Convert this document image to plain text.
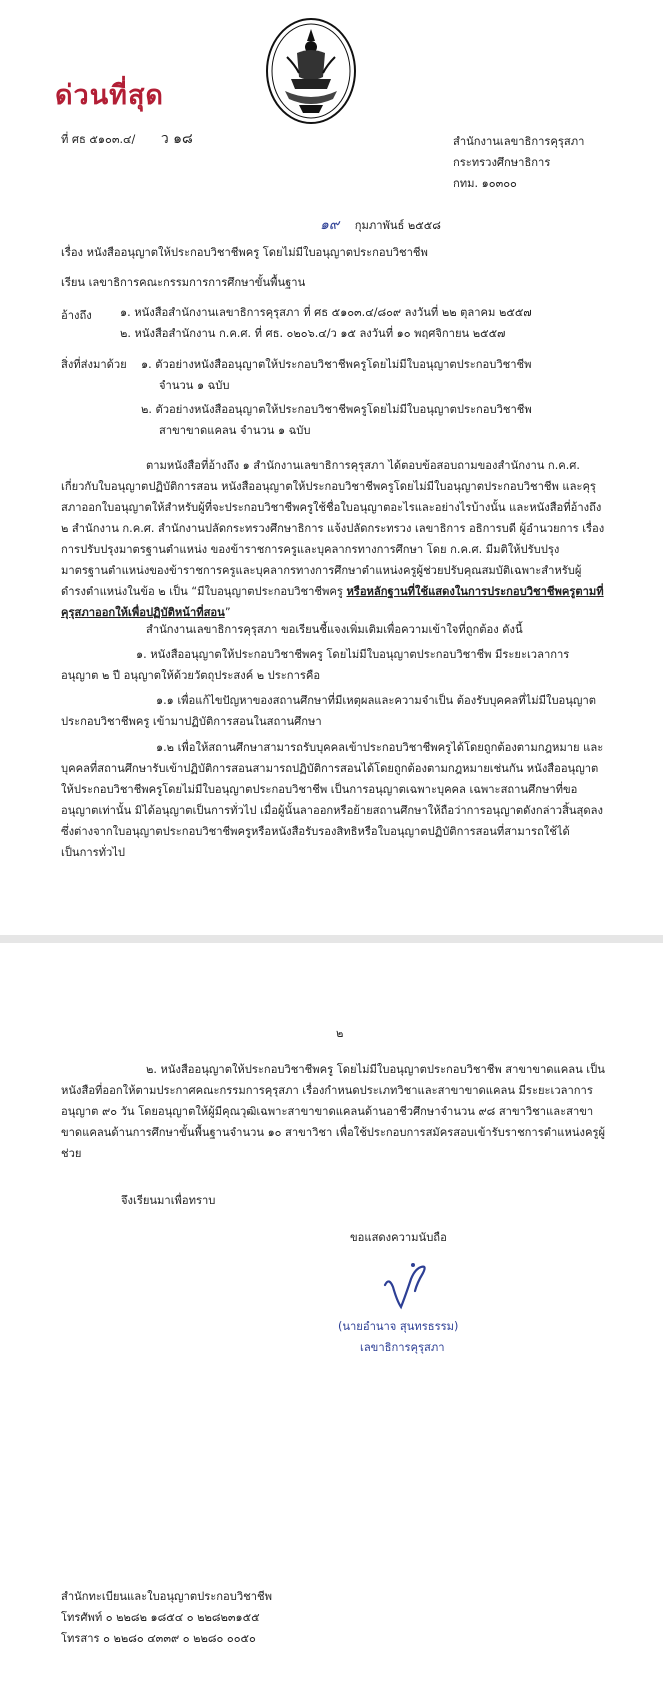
ด่วนที่สุด
ที่ ศธ ๕๑๐๓.๔/ ว ๑๘	สำนักงานเลขาธิการคุรุสภา
กระทรวงศึกษาธิการ
กทม. ๑๐๓๐๐
๑๙ กุมภาพันธ์ ๒๕๕๘
เรื่อง หนังสืออนุญาตให้ประกอบวิชาชีพครู โดยไม่มีใบอนุญาตประกอบวิชาชีพ
เรียน เลขาธิการคณะกรรมการการศึกษาขั้นพื้นฐาน
อ้างถึง	๑. หนังสือสำนักงานเลขาธิการคุรุสภา ที่ ศธ ๕๑๐๓.๔/๘๐๙ ลงวันที่ ๒๒ ตุลาคม ๒๕๕๗
๒. หนังสือสำนักงาน ก.ค.ศ. ที่ ศธ. ๐๒๐๖.๔/ว ๑๕ ลงวันที่ ๑๐ พฤศจิกายน ๒๕๕๗
สิ่งที่ส่งมาด้วย ๑. ตัวอย่างหนังสืออนุญาตให้ประกอบวิชาชีพครูโดยไม่มีใบอนุญาตประกอบวิชาชีพ
จำนวน ๑ ฉบับ
๒. ตัวอย่างหนังสืออนุญาตให้ประกอบวิชาชีพครูโดยไม่มีใบอนุญาตประกอบวิชาชีพ
สาขาขาดแคลน จำนวน ๑ ฉบับ

ตามหนังสือที่อ้างถึง ๑ สำนักงานเลขาธิการคุรุสภา ได้ตอบข้อสอบถามของสำนักงาน ก.ค.ศ. เกี่ยวกับใบอนุญาตปฏิบัติการสอน หนังสืออนุญาตให้ประกอบวิชาชีพครูโดยไม่มีใบอนุญาตประกอบวิชาชีพ และคุรุสภาออกใบอนุญาตให้สำหรับผู้ที่จะประกอบวิชาชีพครูใช้ชื่อใบอนุญาตอะไรและอย่างไรบ้างนั้น และหนังสือที่อ้างถึง ๒ สำนักงาน ก.ค.ศ. สำนักงานปลัดกระทรวงศึกษาธิการ แจ้งปลัดกระทรวง เลขาธิการ อธิการบดี ผู้อำนวยการ เรื่องการปรับปรุงมาตรฐานตำแหน่ง ของข้าราชการครูและบุคลากรทางการศึกษา โดย ก.ค.ศ. มีมติให้ปรับปรุงมาตรฐานตำแหน่งของข้าราชการครูและบุคลากรทางการศึกษาตำแหน่งครูผู้ช่วยปรับคุณสมบัติเฉพาะสำหรับผู้ดำรงตำแหน่งในข้อ ๒ เป็น “มีใบอนุญาตประกอบวิชาชีพครู หรือหลักฐานที่ใช้แสดงในการประกอบวิชาชีพครูตามที่คุรุสภาออกให้เพื่อปฏิบัติหน้าที่สอน”

สำนักงานเลขาธิการคุรุสภา ขอเรียนชี้แจงเพิ่มเติมเพื่อความเข้าใจที่ถูกต้อง ดังนี้

๑. หนังสืออนุญาตให้ประกอบวิชาชีพครู โดยไม่มีใบอนุญาตประกอบวิชาชีพ มีระยะเวลาการอนุญาต ๒ ปี อนุญาตให้ด้วยวัตถุประสงค์ ๒ ประการคือ

๑.๑ เพื่อแก้ไขปัญหาของสถานศึกษาที่มีเหตุผลและความจำเป็น ต้องรับบุคคลที่ไม่มีใบอนุญาตประกอบวิชาชีพครู เข้ามาปฏิบัติการสอนในสถานศึกษา

๑.๒ เพื่อให้สถานศึกษาสามารถรับบุคคลเข้าประกอบวิชาชีพครูได้โดยถูกต้องตามกฎหมาย และบุคคลที่สถานศึกษารับเข้าปฏิบัติการสอนสามารถปฏิบัติการสอนได้โดยถูกต้องตามกฎหมายเช่นกัน หนังสืออนุญาตให้ประกอบวิชาชีพครูโดยไม่มีใบอนุญาตประกอบวิชาชีพ เป็นการอนุญาตเฉพาะบุคคล เฉพาะสถานศึกษาที่ขออนุญาตเท่านั้น มิได้อนุญาตเป็นการทั่วไป เมื่อผู้นั้นลาออกหรือย้ายสถานศึกษาให้ถือว่าการอนุญาตดังกล่าวสิ้นสุดลง ซึ่งต่างจากใบอนุญาตประกอบวิชาชีพครูหรือหนังสือรับรองสิทธิหรือใบอนุญาตปฏิบัติการสอนที่สามารถใช้ได้เป็นการทั่วไป

๒

๒. หนังสืออนุญาตให้ประกอบวิชาชีพครู โดยไม่มีใบอนุญาตประกอบวิชาชีพ สาขาขาดแคลน เป็นหนังสือที่ออกให้ตามประกาศคณะกรรมการคุรุสภา เรื่องกำหนดประเภทวิชาและสาขาขาดแคลน มีระยะเวลาการอนุญาต ๙๐ วัน โดยอนุญาตให้ผู้มีคุณวุฒิเฉพาะสาขาขาดแคลนด้านอาชีวศึกษาจำนวน ๙๘ สาขาวิชาและสาขาขาดแคลนด้านการศึกษาขั้นพื้นฐานจำนวน ๑๐ สาขาวิชา เพื่อใช้ประกอบการสมัครสอบเข้ารับราชการตำแหน่งครูผู้ช่วย

จึงเรียนมาเพื่อทราบ
ขอแสดงความนับถือ
(นายอำนาจ สุนทรธรรม)
เลขาธิการคุรุสภา
สำนักทะเบียนและใบอนุญาตประกอบวิชาชีพ
โทรศัพท์ ๐ ๒๒๘๒ ๑๘๕๔ ๐ ๒๒๘๒๓๑๕๕
โทรสาร ๐ ๒๒๘๐ ๔๓๓๙ ๐ ๒๒๘๐ ๐๐๕๐
